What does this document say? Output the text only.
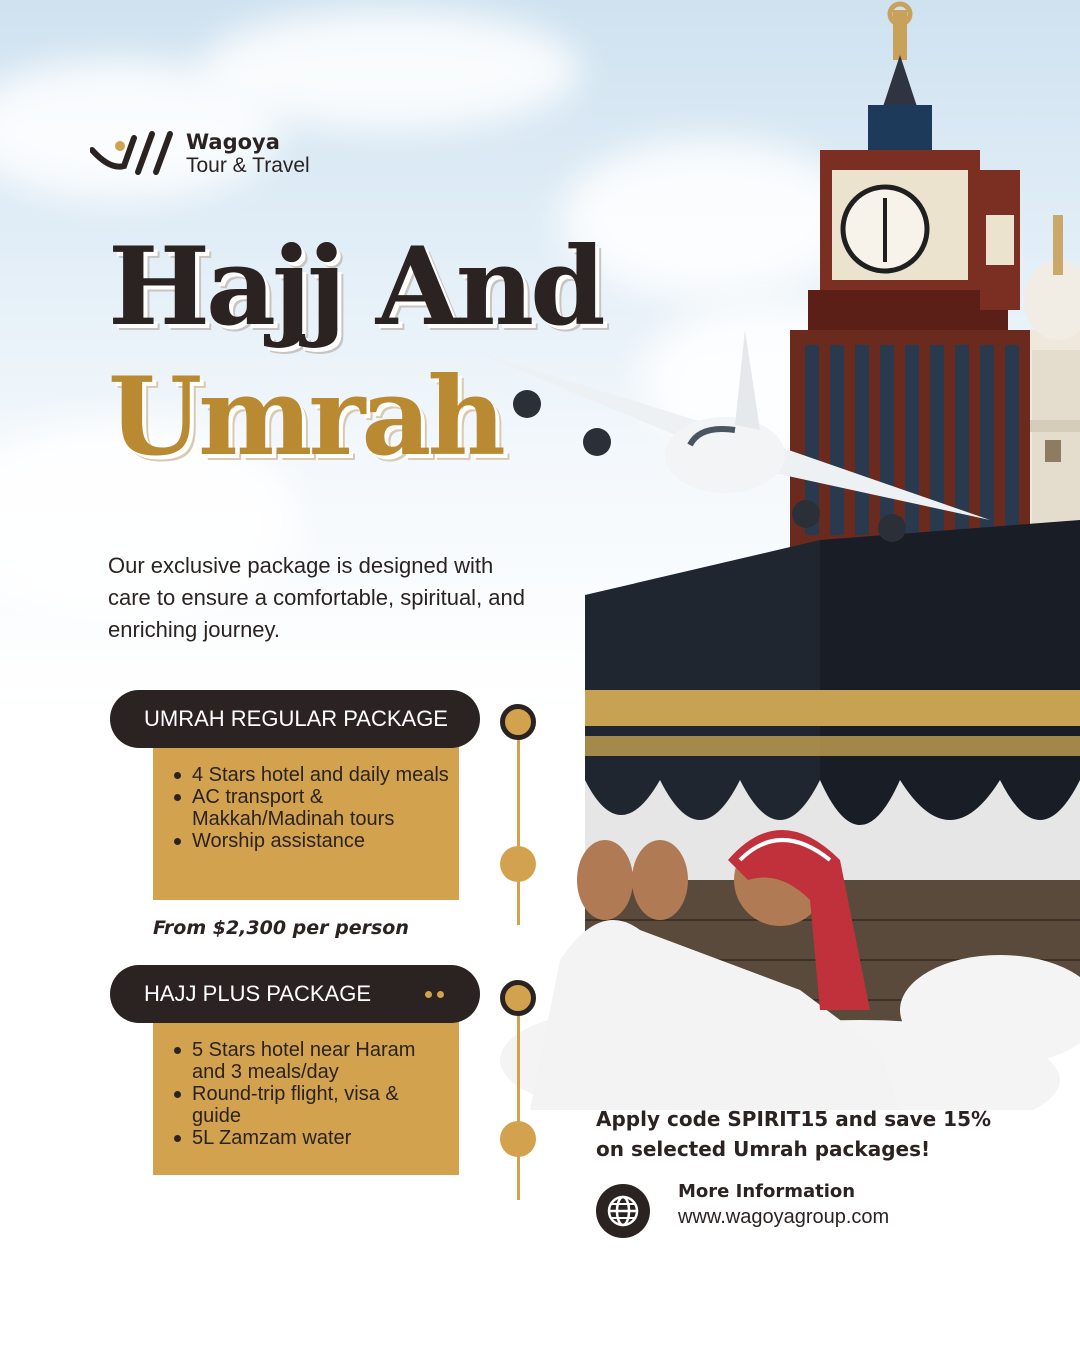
Wagoya
Tour & Travel
Hajj And
Umrah

Our exclusive package is designed with care to ensure a comfortable, spiritual, and enriching journey.

UMRAH REGULAR PACKAGE
4 Stars hotel and daily meals
AC transport & Makkah/Madinah tours
Worship assistance
From $2,300 per person
HAJJ PLUS PACKAGE
5 Stars hotel near Haram and 3 meals/day
Round-trip flight, visa & guide
5L Zamzam water
Apply code SPIRIT15 and save 15% on selected Umrah packages!
More Information
www.wagoyagroup.com
